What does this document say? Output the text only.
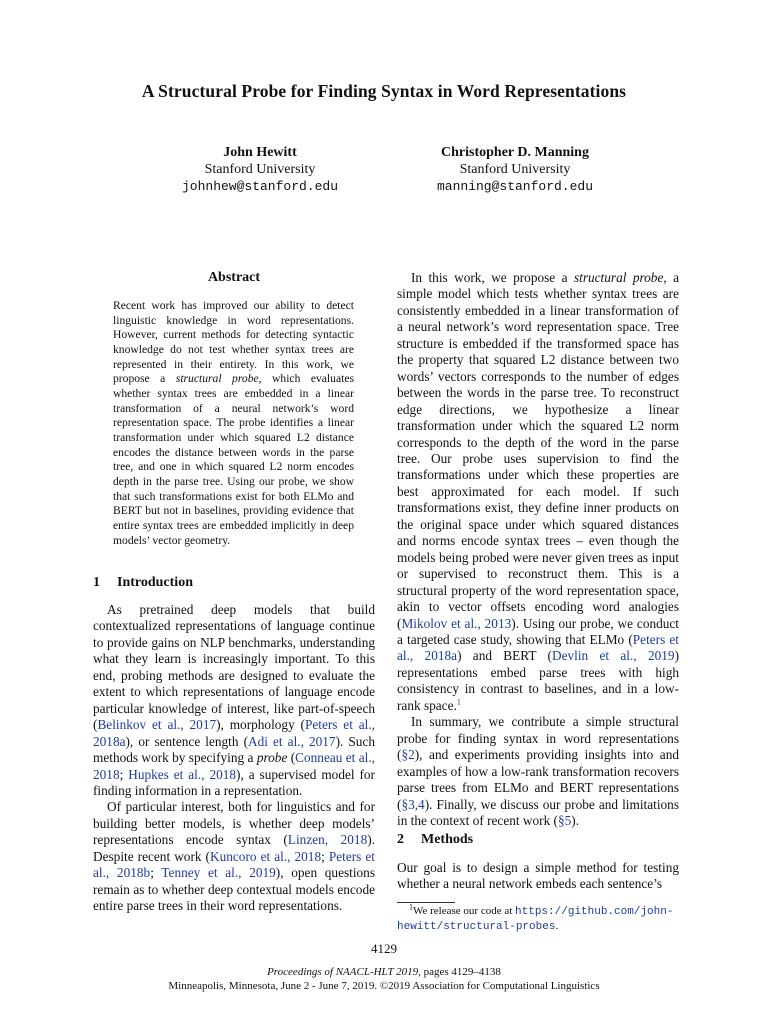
A Structural Probe for Finding Syntax in Word Representations
John Hewitt
Stanford University
johnhew@stanford.edu
Christopher D. Manning
Stanford University
manning@stanford.edu
Abstract
Recent work has improved our ability to detect linguistic knowledge in word representations. However, current methods for detecting syntactic knowledge do not test whether syntax trees are represented in their entirety. In this work, we propose a structural probe, which evaluates whether syntax trees are embedded in a linear transformation of a neural network’s word representation space. The probe identifies a linear transformation under which squared L2 distance encodes the distance between words in the parse tree, and one in which squared L2 norm encodes depth in the parse tree. Using our probe, we show that such transformations exist for both ELMo and BERT but not in baselines, providing evidence that entire syntax trees are embedded implicitly in deep models’ vector geometry.
1 Introduction

As pretrained deep models that build contextualized representations of language continue to provide gains on NLP benchmarks, understanding what they learn is increasingly important. To this end, probing methods are designed to evaluate the extent to which representations of language encode particular knowledge of interest, like part-of-speech (Belinkov et al., 2017), morphology (Peters et al., 2018a), or sentence length (Adi et al., 2017). Such methods work by specifying a probe (Conneau et al., 2018; Hupkes et al., 2018), a supervised model for finding information in a representation.

Of particular interest, both for linguistics and for building better models, is whether deep models’ representations encode syntax (Linzen, 2018). Despite recent work (Kuncoro et al., 2018; Peters et al., 2018b; Tenney et al., 2019), open questions remain as to whether deep contextual models encode entire parse trees in their word representations.

In this work, we propose a structural probe, a simple model which tests whether syntax trees are consistently embedded in a linear transformation of a neural network’s word representation space. Tree structure is embedded if the transformed space has the property that squared L2 distance between two words’ vectors corresponds to the number of edges between the words in the parse tree. To reconstruct edge directions, we hypothesize a linear transformation under which the squared L2 norm corresponds to the depth of the word in the parse tree. Our probe uses supervision to find the transformations under which these properties are best approximated for each model. If such transformations exist, they define inner products on the original space under which squared distances and norms encode syntax trees – even though the models being probed were never given trees as input or supervised to reconstruct them. This is a structural property of the word representation space, akin to vector offsets encoding word analogies (Mikolov et al., 2013). Using our probe, we conduct a targeted case study, showing that ELMo (Peters et al., 2018a) and BERT (Devlin et al., 2019) representations embed parse trees with high consistency in contrast to baselines, and in a low-rank space.$^1$

In summary, we contribute a simple structural probe for finding syntax in word representations (§2), and experiments providing insights into and examples of how a low-rank transformation recovers parse trees from ELMo and BERT representations (§3,4). Finally, we discuss our probe and limitations in the context of recent work (§5).

2 Methods

Our goal is to design a simple method for testing whether a neural network embeds each sentence’s

$^1$We release our code at https://github.com/john-hewitt/structural-probes.
4129
Proceedings of NAACL-HLT 2019, pages 4129–4138
Minneapolis, Minnesota, June 2 - June 7, 2019. ©2019 Association for Computational Linguistics
